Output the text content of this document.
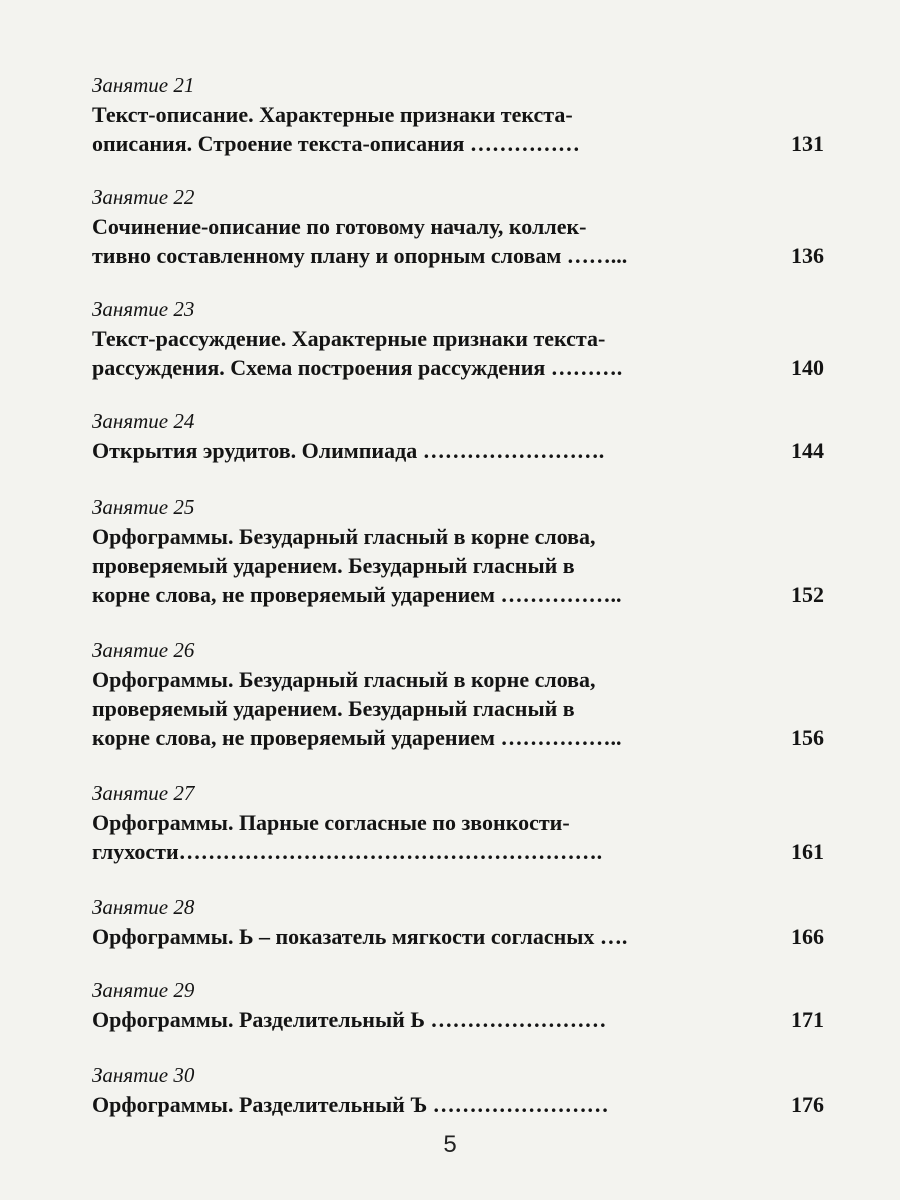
Занятие 21
Текст-описание. Характерные признаки текста-
описания. Строение текста-описания ……………	131
Занятие 22
Сочинение-описание по готовому началу, коллек-
тивно составленному плану и опорным словам ……...	136
Занятие 23
Текст-рассуждение. Характерные признаки текста-
рассуждения. Схема построения рассуждения ……….	140
Занятие 24
Открытия эрудитов. Олимпиада …………………….	144
Занятие 25
Орфограммы. Безударный гласный в корне слова,
проверяемый ударением. Безударный гласный в
корне слова, не проверяемый ударением ……………..	152
Занятие 26
Орфограммы. Безударный гласный в корне слова,
проверяемый ударением. Безударный гласный в
корне слова, не проверяемый ударением ……………..	156
Занятие 27
Орфограммы. Парные согласные по звонкости-
глухости………………………………………………….	161
Занятие 28
Орфограммы. Ь – показатель мягкости согласных ….	166
Занятие 29
Орфограммы. Разделительный Ь ……………………	171
Занятие 30
Орфограммы. Разделительный Ъ ……………………	176
5
